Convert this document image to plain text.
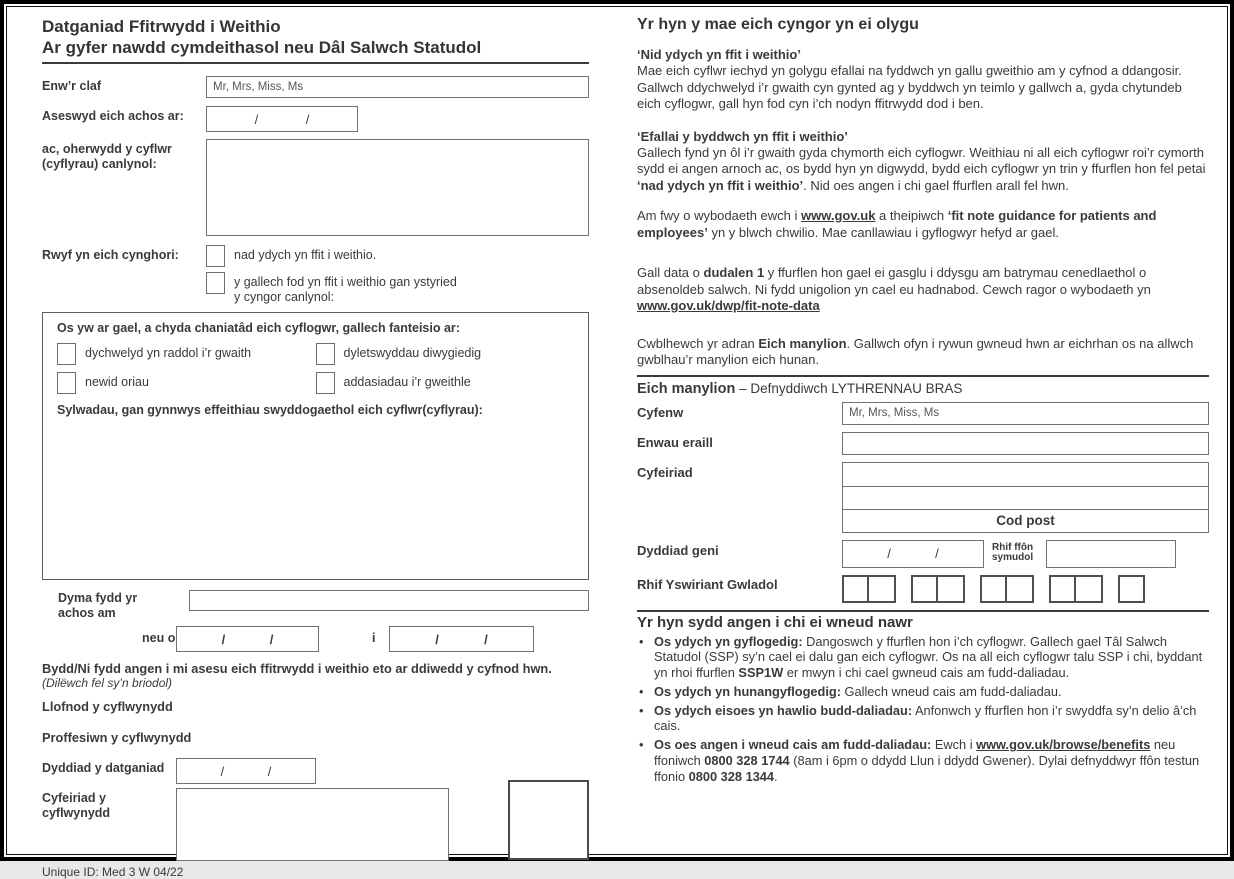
Datganiad Ffitrwydd i Weithio
Ar gyfer nawdd cymdeithasol neu Dâl Salwch Statudol
Enw’r claf	Mr, Mrs, Miss, Ms
Aseswyd eich achos ar:	/	/
ac, oherwydd y cyflwr (cyflyrau) canlynol:
Rwyf yn eich cynghori:	nad ydych yn ffit i weithio.
y gallech fod yn ffit i weithio gan ystyried
y cyngor canlynol:
Os yw ar gael, a chyda chaniatâd eich cyflogwr, gallech fanteisio ar:
dychwelyd yn raddol i’r gwaith	dyletswyddau diwygiedig
newid oriau	addasiadau i’r gweithle
Sylwadau, gan gynnwys effeithiau swyddogaethol eich cyflwr(cyflyrau):
Dyma fydd yr
achos am
neu o	/	/	i	/	/
Bydd/Ni fydd angen i mi asesu eich ffitrwydd i weithio eto ar ddiwedd y cyfnod hwn.
(Dilëwch fel sy’n briodol)
Llofnod y cyflwynydd
Proffesiwn y cyflwynydd
Dyddiad y datganiad	/	/
Cyfeiriad y cyflwynydd
Unique ID: Med 3 W 04/22
Yr hyn y mae eich cyngor yn ei olygu
‘Nid ydych yn ffit i weithio’
Mae eich cyflwr iechyd yn golygu efallai na fyddwch yn gallu gweithio am y cyfnod a ddangosir. Gallwch ddychwelyd i’r gwaith cyn gynted ag y byddwch yn teimlo y gallwch a, gyda chytundeb eich cyflogwr, gall hyn fod cyn i’ch nodyn ffitrwydd dod i ben.
‘Efallai y byddwch yn ffit i weithio’
Gallech fynd yn ôl i’r gwaith gyda chymorth eich cyflogwr. Weithiau ni all eich cyflogwr roi’r cymorth sydd ei angen arnoch ac, os bydd hyn yn digwydd, bydd eich cyflogwr yn trin y ffurflen hon fel petai ‘nad ydych yn ffit i weithio’. Nid oes angen i chi gael ffurflen arall fel hwn.
Am fwy o wybodaeth ewch i www.gov.uk a theipiwch ‘fit note guidance for patients and employees’ yn y blwch chwilio. Mae canllawiau i gyflogwyr hefyd ar gael.
Gall data o dudalen 1 y ffurflen hon gael ei gasglu i ddysgu am batrymau cenedlaethol o absenoldeb salwch. Ni fydd unigolion yn cael eu hadnabod. Cewch ragor o wybodaeth yn www.gov.uk/dwp/fit-note-data
Cwblhewch yr adran Eich manylion. Gallwch ofyn i rywun gwneud hwn ar eichrhan os na allwch gwblhau’r manylion eich hunan.
Eich manylion – Defnyddiwch LYTHRENNAU BRAS
Cyfenw	Mr, Mrs, Miss, Ms
Enwau eraill
Cyfeiriad
Cod post
Dyddiad geni	/	/	Rhif ffôn symudol
Rhif Yswiriant Gwladol
Yr hyn sydd angen i chi ei wneud nawr
• Os ydych yn gyflogedig: Dangoswch y ffurflen hon i’ch cyflogwr. Gallech gael Tâl Salwch Statudol (SSP) sy’n cael ei dalu gan eich cyflogwr. Os na all eich cyflogwr talu SSP i chi, byddant yn rhoi ffurflen SSP1W er mwyn i chi cael gwneud cais am fudd-daliadau.
• Os ydych yn hunangyflogedig: Gallech wneud cais am fudd-daliadau.
• Os ydych eisoes yn hawlio budd-daliadau: Anfonwch y ffurflen hon i’r swyddfa sy’n delio â’ch cais.
• Os oes angen i wneud cais am fudd-daliadau: Ewch i www.gov.uk/browse/benefits neu ffoniwch 0800 328 1744 (8am i 6pm o ddydd Llun i ddydd Gwener). Dylai defnyddwyr ffôn testun ffonio 0800 328 1344.
